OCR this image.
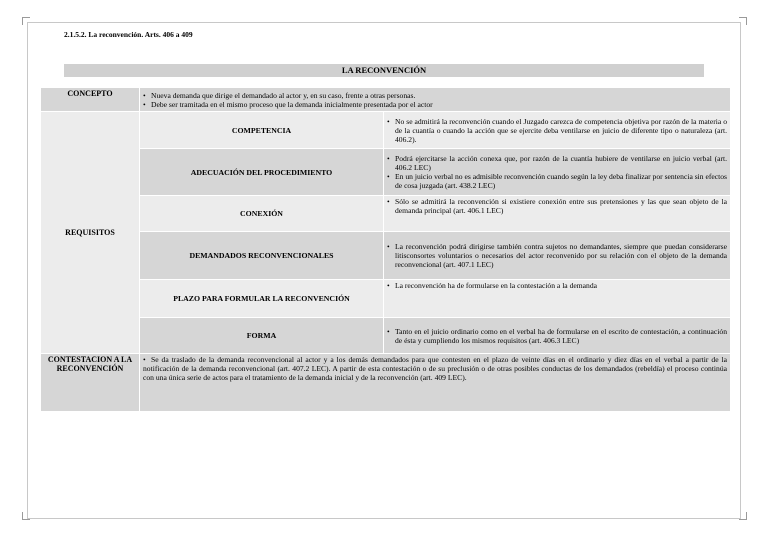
2.1.5.2. La reconvención. Arts. 406 a 409
LA RECONVENCIÓN
CONCEPTO	• Nueva demanda que dirige el demandado al actor y, en su caso, frente a otras personas.
• Debe ser tramitada en el mismo proceso que la demanda inicialmente presentada por el actor

REQUISITOS	COMPETENCIA	• No se admitirá la reconvención cuando el Juzgado carezca de competencia objetiva por razón de la materia o de la cuantía o cuando la acción que se ejercite deba ventilarse en juicio de diferente tipo o naturaleza (art. 406.2).

	ADECUACIÓN DEL PROCEDIMIENTO	• Podrá ejercitarse la acción conexa que, por razón de la cuantía hubiere de ventilarse en juicio verbal (art. 406.2 LEC)
• En un juicio verbal no es admisible reconvención cuando según la ley deba finalizar por sentencia sin efectos de cosa juzgada (art. 438.2 LEC)

	CONEXIÓN	• Sólo se admitirá la reconvención si existiere conexión entre sus pretensiones y las que sean objeto de la demanda principal (art. 406.1 LEC)

	DEMANDADOS RECONVENCIONALES	• La reconvención podrá dirigirse también contra sujetos no demandantes, siempre que puedan considerarse litisconsortes voluntarios o necesarios del actor reconvenido por su relación con el objeto de la demanda reconvencional (art. 407.1 LEC)

	PLAZO PARA FORMULAR LA RECONVENCIÓN	• La reconvención ha de formularse en la contestación a la demanda

	FORMA	• Tanto en el juicio ordinario como en el verbal ha de formularse en el escrito de contestación, a continuación de ésta y cumpliendo los mismos requisitos (art. 406.3 LEC)

CONTESTACION A LA RECONVENCIÓN	• Se da traslado de la demanda reconvencional al actor y a los demás demandados para que contesten en el plazo de veinte días en el ordinario y diez días en el verbal a partir de la notificación de la demanda reconvencional (art. 407.2 LEC). A partir de esta contestación o de su preclusión o de otras posibles conductas de los demandados (rebeldía) el proceso continúa con una única serie de actos para el tratamiento de la demanda inicial y de la reconvención (art. 409 LEC).
